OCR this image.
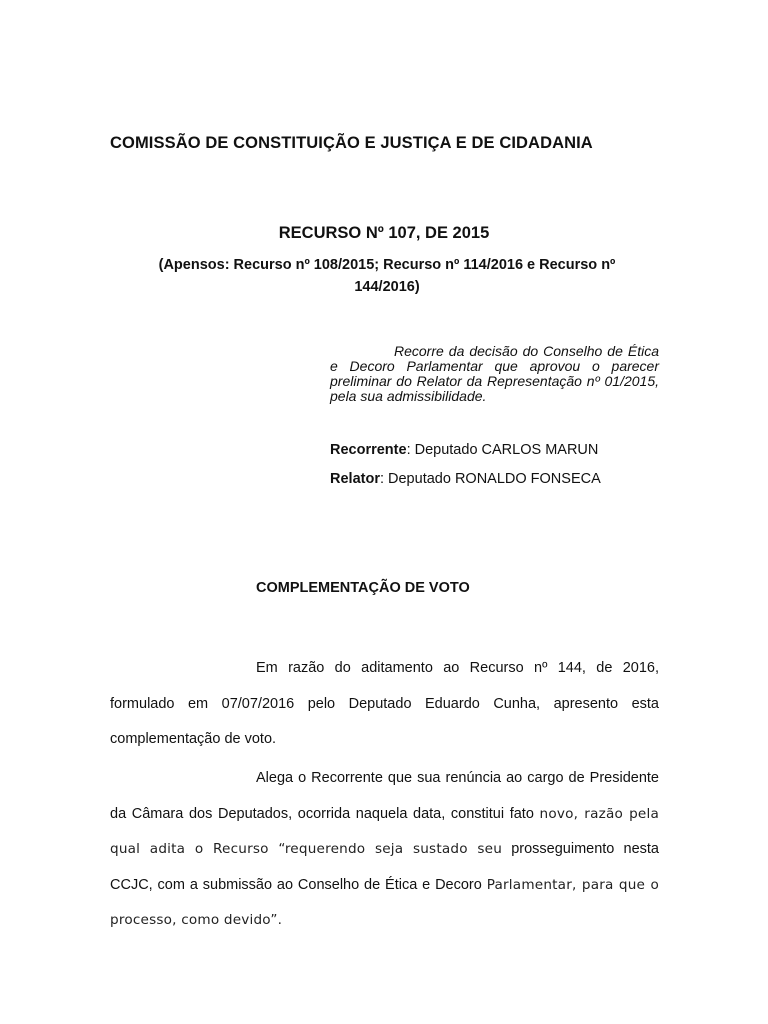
COMISSÃO DE CONSTITUIÇÃO E JUSTIÇA E DE CIDADANIA

RECURSO Nº 107, DE 2015

(Apensos: Recurso nº 108/2015; Recurso nº 114/2016 e Recurso nº 144/2016)

Recorre da decisão do Conselho de Ética e Decoro Parlamentar que aprovou o parecer preliminar do Relator da Representação nº 01/2015, pela sua admissibilidade.

Recorrente: Deputado CARLOS MARUN

Relator: Deputado RONALDO FONSECA

COMPLEMENTAÇÃO DE VOTO

Em razão do aditamento ao Recurso nº 144, de 2016, formulado em 07/07/2016 pelo Deputado Eduardo Cunha, apresento esta complementação de voto.

Alega o Recorrente que sua renúncia ao cargo de Presidente da Câmara dos Deputados, ocorrida naquela data, constitui fato novo, razão pela qual adita o Recurso “requerendo seja sustado seu prosseguimento nesta CCJC, com a submissão ao Conselho de Ética e Decoro Parlamentar, para que o processo, como devido”.
